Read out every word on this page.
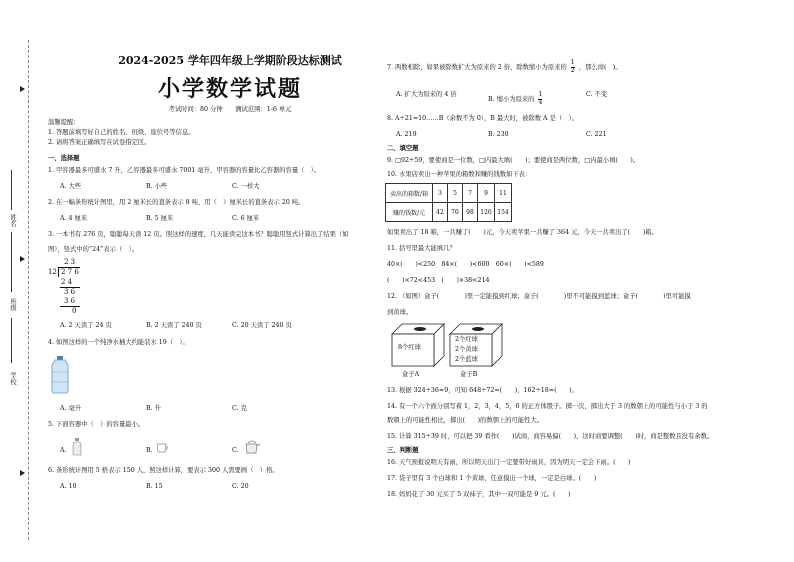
姓名
班级
学校
2024-2025 学年四年级上学期阶段达标测试
小学数学试题
考试时间：80 分钟　　测试范围：1-6 单元
温馨提醒：
1. 答题前填写好自己的姓名、班级、座位号等信息。
2. 请将答案正确填写在试卷指定区。
一、选择题
1. 甲容器最多可盛水 7 升，乙容器最多可盛水 7001 毫升，甲容器的容量比乙容器的容量（　）。
A. 大些	B. 小些	C. 一样大
2. 在一幅条形统计图里，用 2 厘米长的直条表示 8 吨，用（　）厘米长的直条表示 20 吨。
A. 4 厘米	B. 5 厘米	C. 6 厘米
3. 一本书有 276 页，聪聪每天读 12 页。照这样的速度，几天能读完这本书？聪聪用竖式计算出了结果（如
图），竖式中的“24”表示（　）。
2 3
12 2 7 6
2 4
3 6
3 6
0
A. 2 天读了 24 页	B. 2 天读了 240 页	C. 20 天读了 240 页
4. 如图这样的一个纯净水桶大约能装水 19（　）。
A. 毫升	B. 升	C. 克
5. 下面容器中（　）的容量最小。
A.	B.	C.
6. 条形统计图用 5 格表示 150 人，照这样计算，要表示 300 人需要画（　）格。
A. 10	B. 15	C. 20
7. 两数相除，如果被除数扩大为原来的 2 倍，除数缩小为原来的 $\frac{1}{2}$ ，那么商(　)。
A. 扩大为原来的 4 倍
B. 缩小为原来的 $\frac{1}{4}$	C. 不变
8. A÷21=10……B（余数不为 0），B 最大时，被除数 A 是（　）。
A. 219	B. 230	C. 221
二、填空题
9. □92÷59，要使商是一位数，□内最大填(　　)；要使商是两位数，□内最小填(　　)。
10. 水果店卖出一种苹果的箱数和赚的钱数如下表：
卖出的箱数/箱	3	5	7	9	11
赚的钱数/元	42	70	98	126	154
如果卖出了 18 箱，一共赚了(　　)元，今天卖苹果一共赚了 364 元，今天一共卖出了(　　)箱。
11. 括号里最大能填几？
40×(　　)<250　84×(　　)<600　60×(　　)<589
(　　)×72<453　(　　)×38<214
12. （如图）盒子(　　　　)里一定能摸到红球；盒子(　　　　)里不可能摸到蓝球；盒子(　　　　)里可能摸
到黄球。
8个红球
盒子A
2个红球
2个黄球
2个蓝球
盒子B
13. 根据 324÷36=9，可知 648÷72=(　　)，162÷18=(　　)。
14. 有一个六个面分别写着 1，2，3，4，5，6 的正方体骰子。掷一次，掷出大于 3 的数朝上的可能性与小于 3 的
数朝上的可能性相比，掷出(　　)的数朝上的可能性大。
15. 计算 315÷39 时，可以把 39 看作(　　)试商，商容易偏(　　)，这时商要调整(　　)时，商是整数且没有余数。
三、判断题
16. 天气预报说明天有雨，所以明天出门一定要带好雨具，因为明天一定会下雨。(　　)
17. 袋子里有 3 个白球和 1 个黄球，任意摸出一个球，一定是白球。(　　)
18. 妈妈花了 30 元买了 5 双袜子，其中一双可能是 9 元。(　　)
